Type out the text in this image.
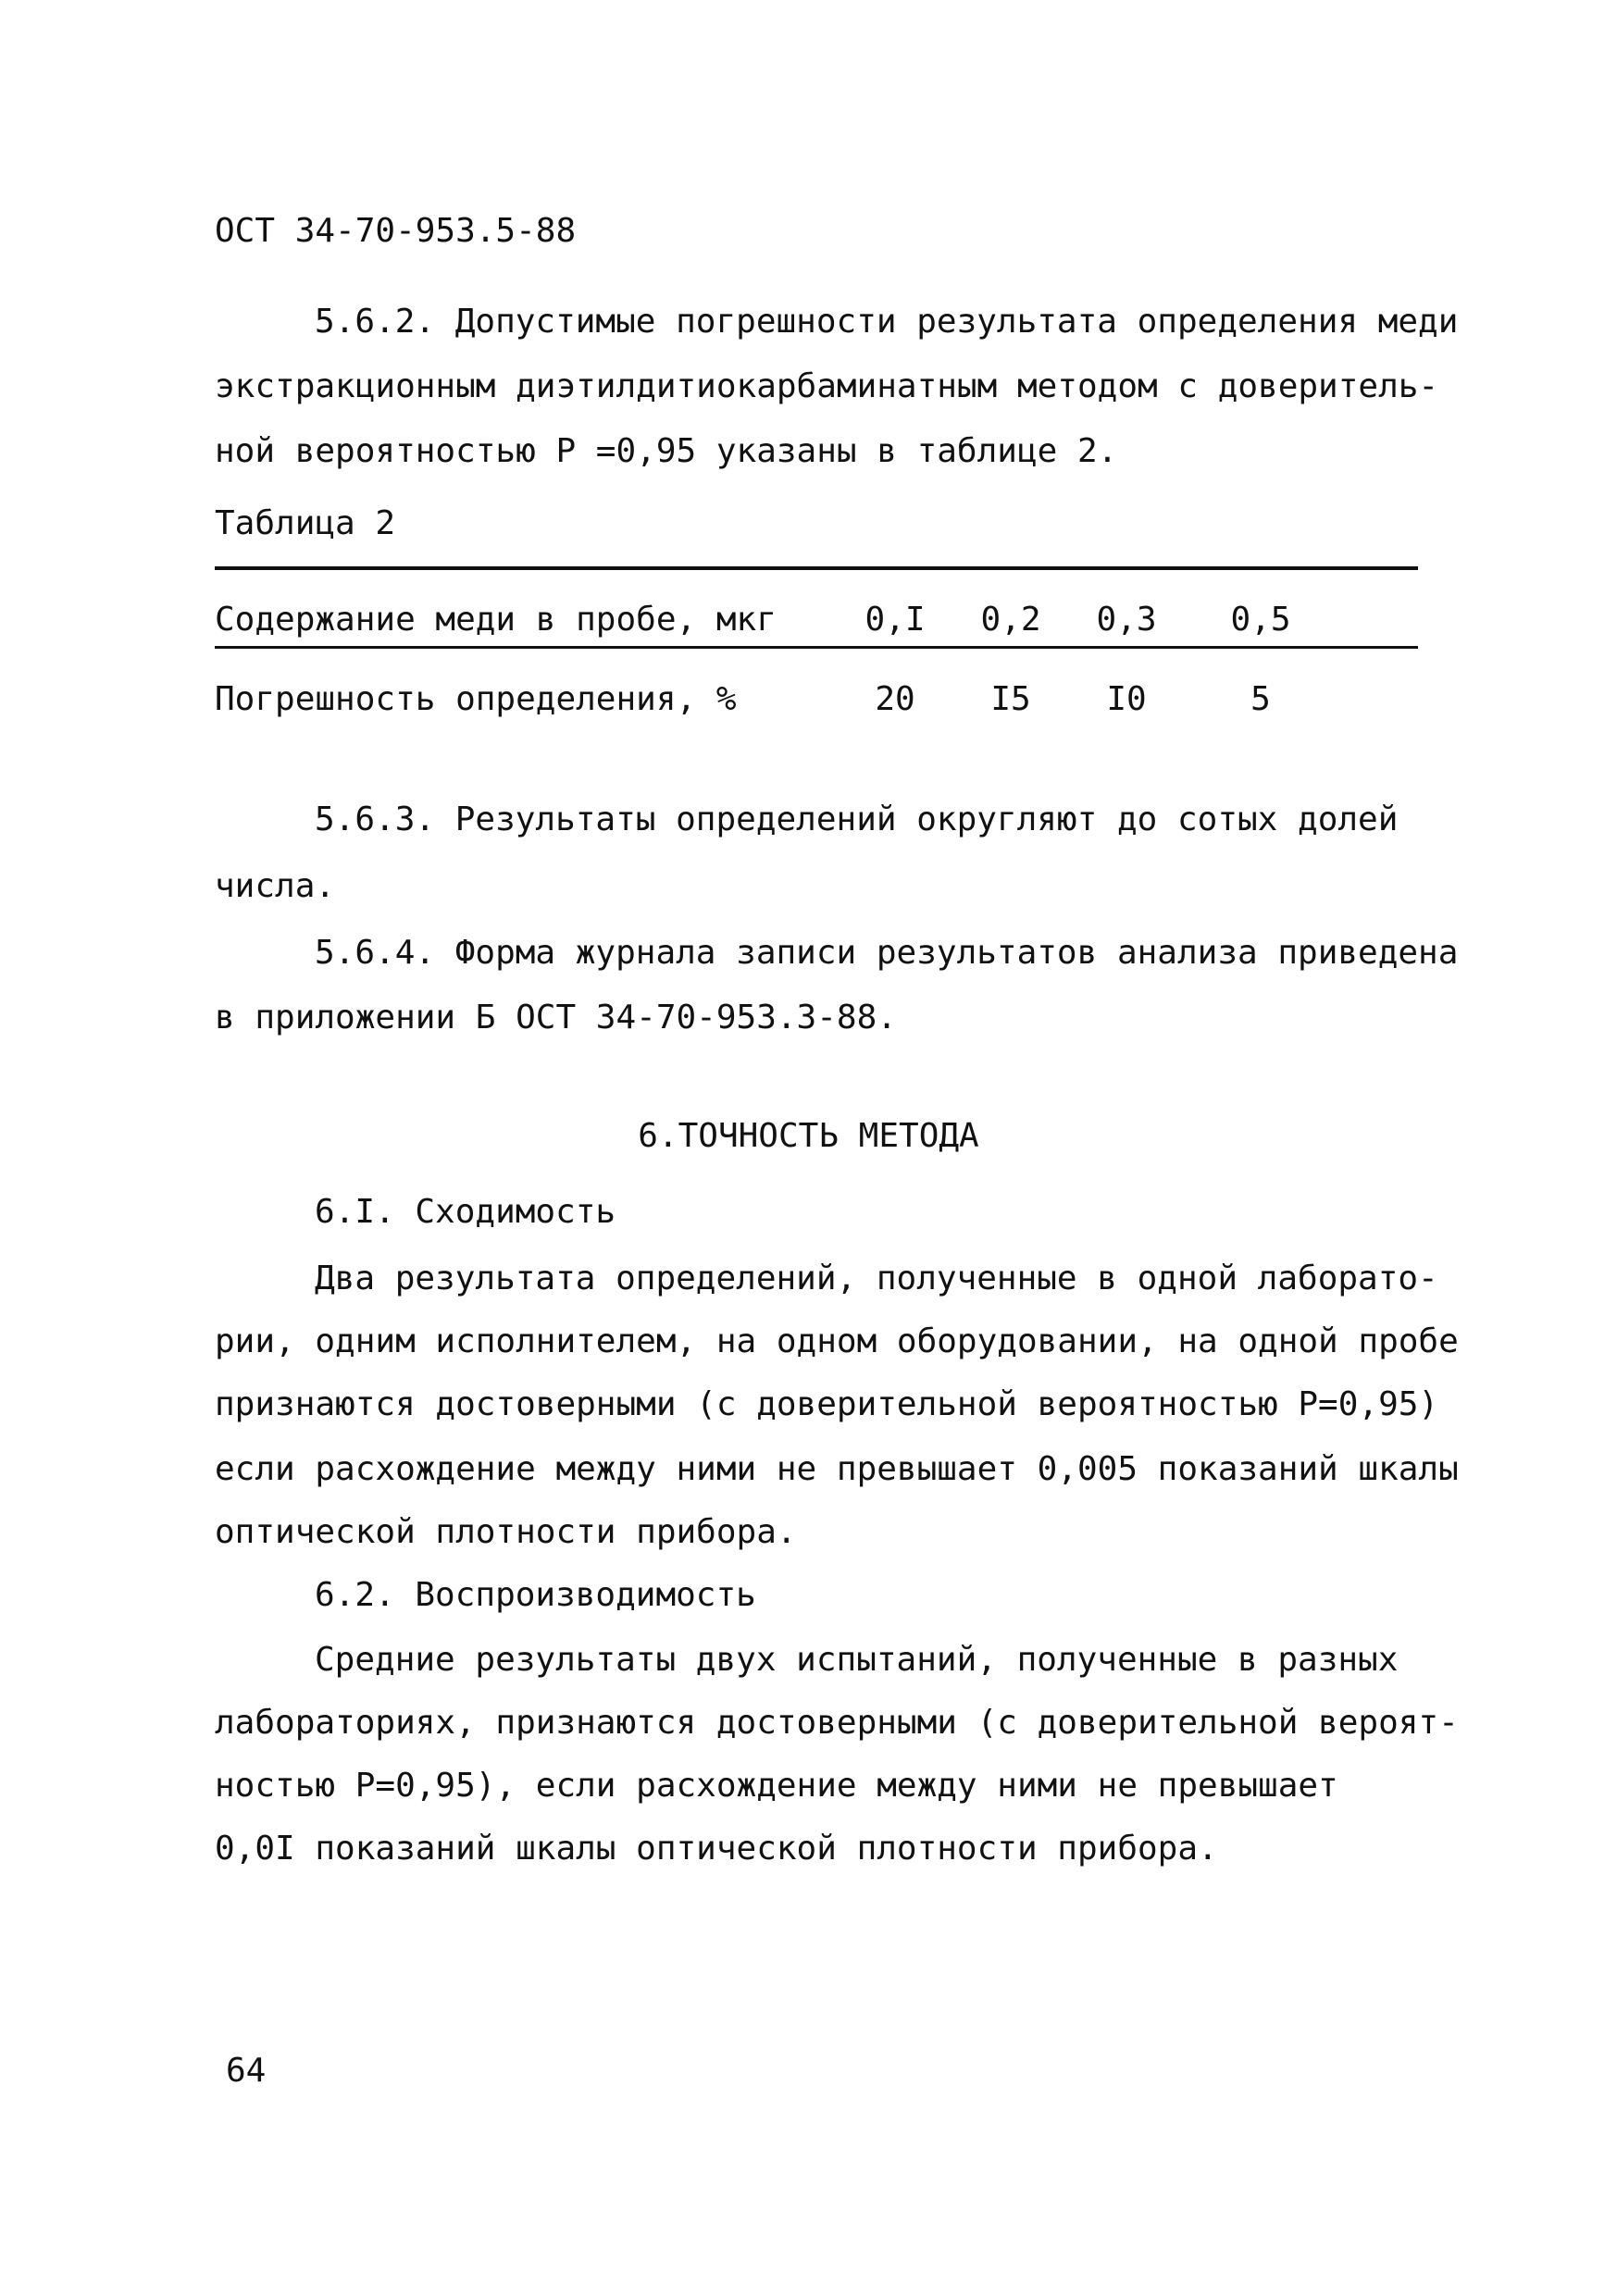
ОСТ 34-70-953.5-88
5.6.2. Допустимые погрешности результата определения меди
экстракционным диэтилдитиокарбаминатным методом с доверитель-
ной вероятностью Р =0,95 указаны в таблице 2.
Таблица 2
Содержание меди в пробе, мкг	0,I	0,2	0,3	0,5
Погрешность определения, %	20	I5	I0	5
5.6.3. Результаты определений округляют до сотых долей
числа.
5.6.4. Форма журнала записи результатов анализа приведена
в приложении Б ОСТ 34-70-953.3-88.
6.ТОЧНОСТЬ МЕТОДА
6.I. Сходимость
Два результата определений, полученные в одной лаборато-
рии, одним исполнителем, на одном оборудовании, на одной пробе
признаются достоверными (с доверительной вероятностью Р=0,95)
если расхождение между ними не превышает 0,005 показаний шкалы
оптической плотности прибора.
6.2. Воспроизводимость
Средние результаты двух испытаний, полученные в разных
лабораториях, признаются достоверными (с доверительной вероят-
ностью Р=0,95), если расхождение между ними не превышает
0,0I показаний шкалы оптической плотности прибора.
64
